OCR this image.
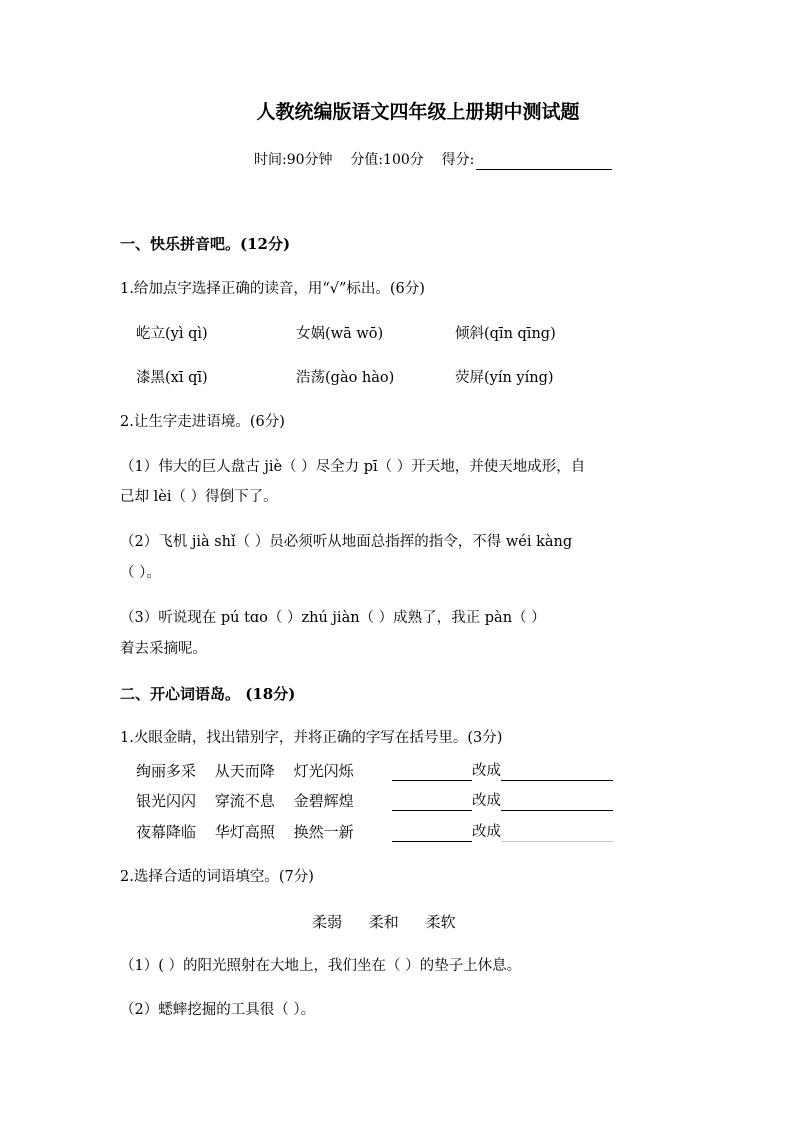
人教统编版语文四年级上册期中测试题
时间:90分钟 分值:100分 得分:
一、快乐拼音吧。(12分)
1.给加点字选择正确的读音，用“√”标出。(6分)
屹立(yì qì)	女娲(wā wō)	倾斜(qīn qīng)
漆黑(xī qī)	浩荡(gào hào)	荧屏(yín yíng)
2.让生字走进语境。(6分)
（1）伟大的巨人盘古 jiè（ ）尽全力 pī（ ）开天地，并使天地成形，自
己却 lèi（ ）得倒下了。
（2）飞机 jià shǐ（ ）员必须听从地面总指挥的指令，不得 wéi kàng
（ ）。
（3）听说现在 pú tɑo（ ）zhú jiàn（ ）成熟了，我正 pàn（ ）
着去采摘呢。
二、开心词语岛。 (18分)
1.火眼金睛，找出错别字，并将正确的字写在括号里。(3分)
绚丽多采 从天而降 灯光闪烁	改成
银光闪闪 穿流不息 金碧辉煌	改成
夜幕降临 华灯高照 换然一新	改成
2.选择合适的词语填空。(7分)
柔弱 柔和 柔软
（1）( ）的阳光照射在大地上，我们坐在（ ）的垫子上休息。
（2）蟋蟀挖掘的工具很（ ）。
